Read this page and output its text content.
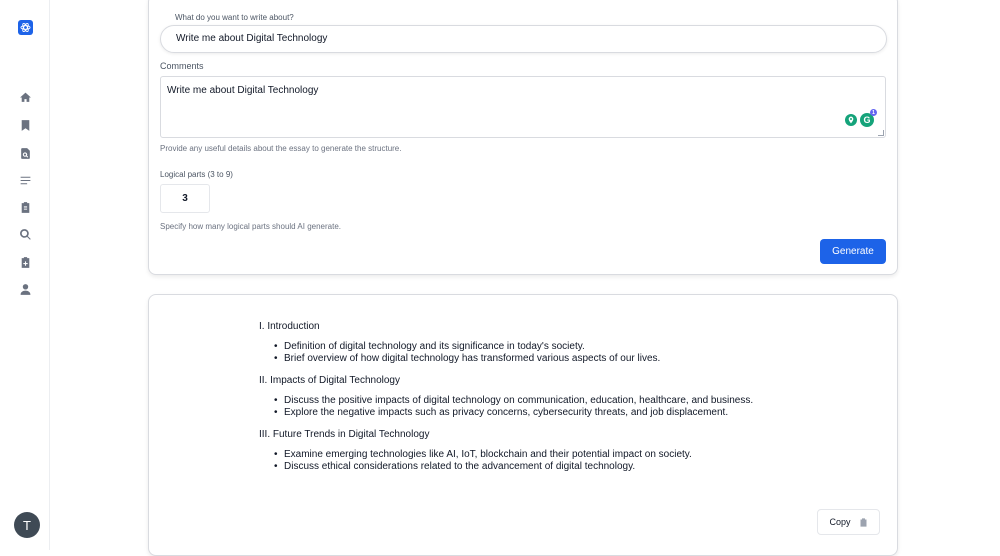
T
What do you want to write about?
Write me about Digital Technology
Comments
Write me about Digital Technology
G
1
Provide any useful details about the essay to generate the structure.
Logical parts (3 to 9)
3
Specify how many logical parts should AI generate.
Generate
I. Introduction
• Definition of digital technology and its significance in today's society.
• Brief overview of how digital technology has transformed various aspects of our lives.
II. Impacts of Digital Technology
• Discuss the positive impacts of digital technology on communication, education, healthcare, and business.
• Explore the negative impacts such as privacy concerns, cybersecurity threats, and job displacement.
III. Future Trends in Digital Technology
• Examine emerging technologies like AI, IoT, blockchain and their potential impact on society.
• Discuss ethical considerations related to the advancement of digital technology.
Copy
